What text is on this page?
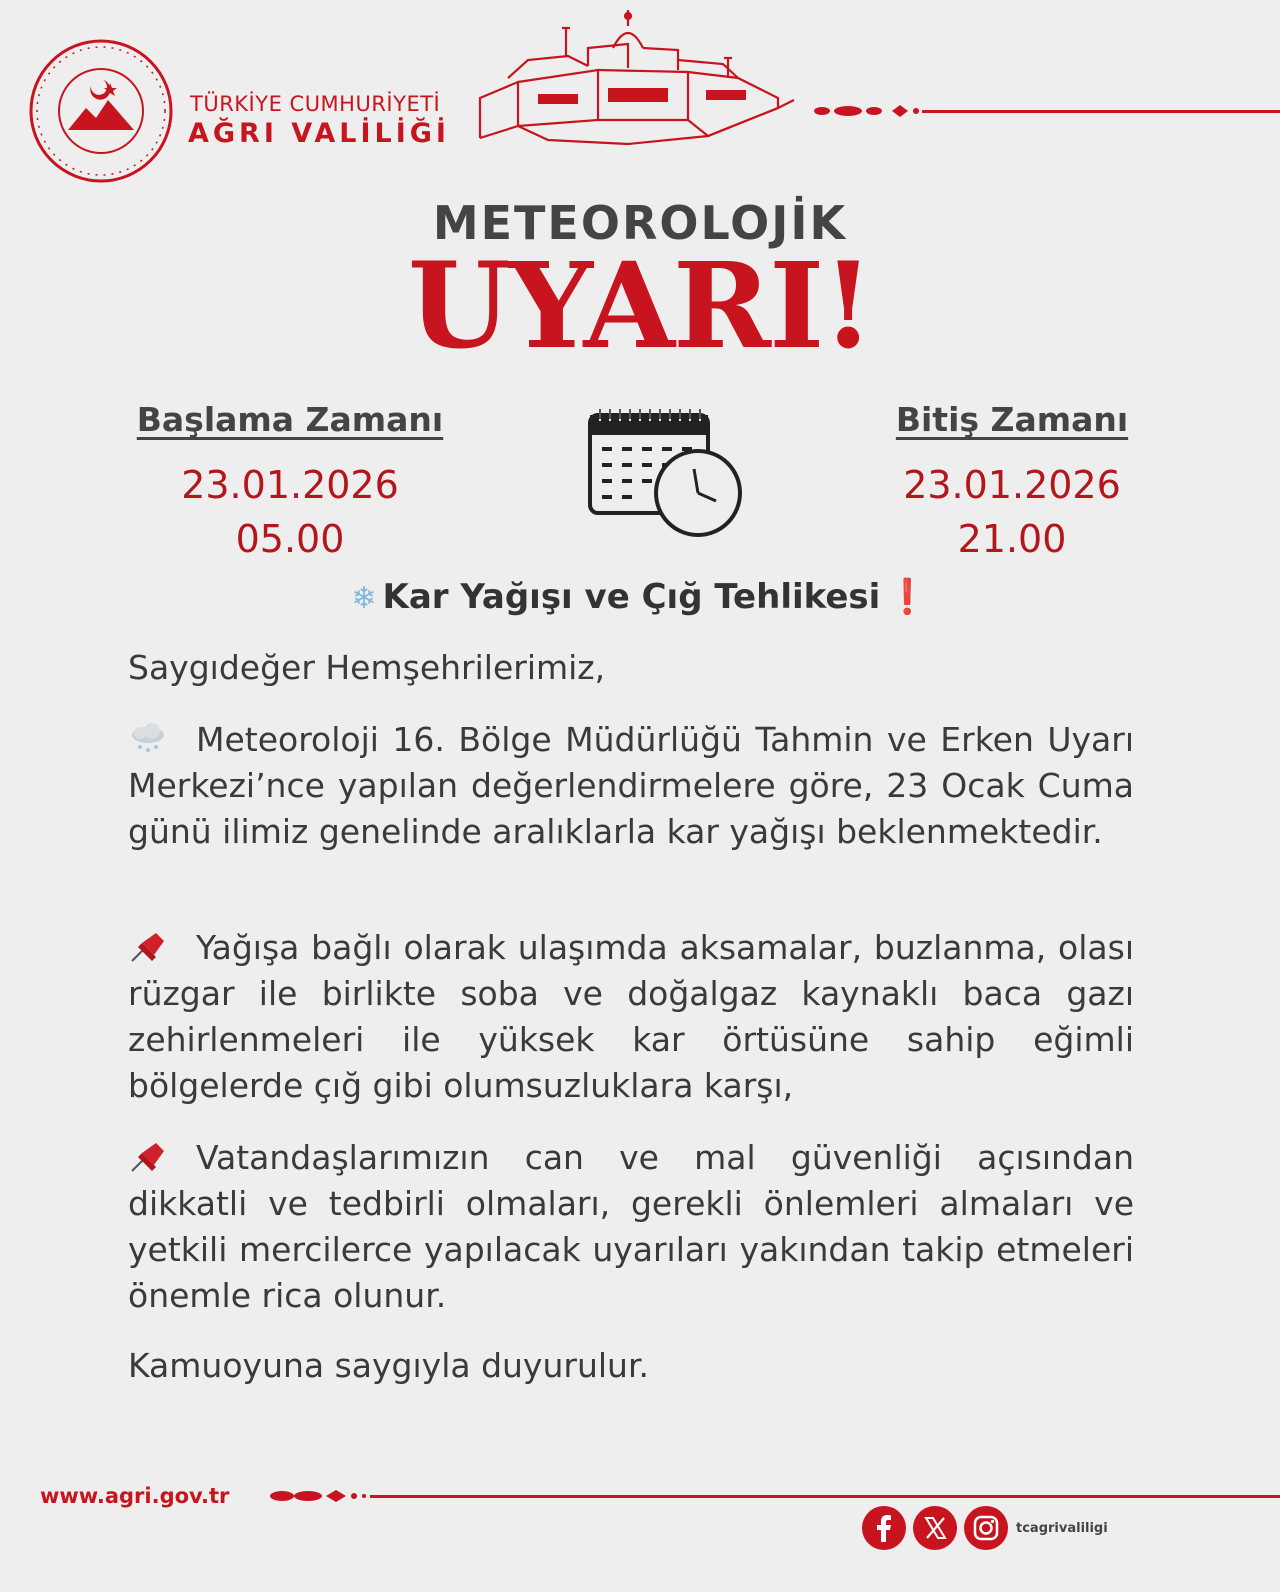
TÜRKİYE CUMHURİYETİ
AĞRI VALİLİĞİ
METEOROLOJİK
UYARI!
Başlama Zamanı
23.01.2026
05.00
Bitiş Zamanı
23.01.2026
21.00
❄ Kar Yağışı ve Çığ Tehlikesi ❗
Saygıdeğer Hemşehrilerimiz,
Meteoroloji 16. Bölge Müdürlüğü Tahmin ve Erken Uyarı Merkezi’nce yapılan değerlendirmelere göre, 23 Ocak Cuma günü ilimiz genelinde aralıklarla kar yağışı beklenmektedir.
Yağışa bağlı olarak ulaşımda aksamalar, buzlanma, olası rüzgar ile birlikte soba ve doğalgaz kaynaklı baca gazı zehirlenmeleri ile yüksek kar örtüsüne sahip eğimli bölgelerde çığ gibi olumsuzluklara karşı,
Vatandaşlarımızın can ve mal güvenliği açısından dikkatli ve tedbirli olmaları, gerekli önlemleri almaları ve yetkili mercilerce yapılacak uyarıları yakından takip etmeleri önemle rica olunur.
Kamuoyuna saygıyla duyurulur.
www.agri.gov.tr
tcagrivaliligi
